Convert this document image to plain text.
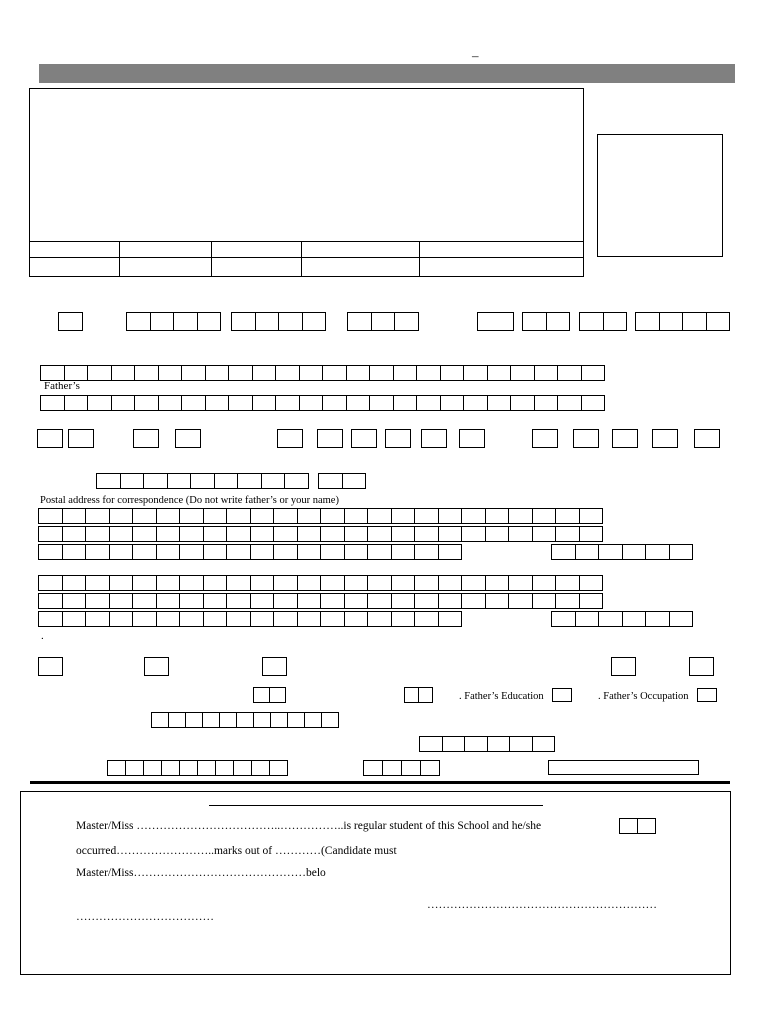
–
Father’s
Postal address for correspondence (Do not write father’s or your name)
.
. Father’s Education	. Father’s Occupation
Master/Miss ………………………………..……………..is regular student of this School and he/she
occurred……………………..marks out of …………(Candidate must
Master/Miss………………………………………belo
……………………………………………………
………………………………
